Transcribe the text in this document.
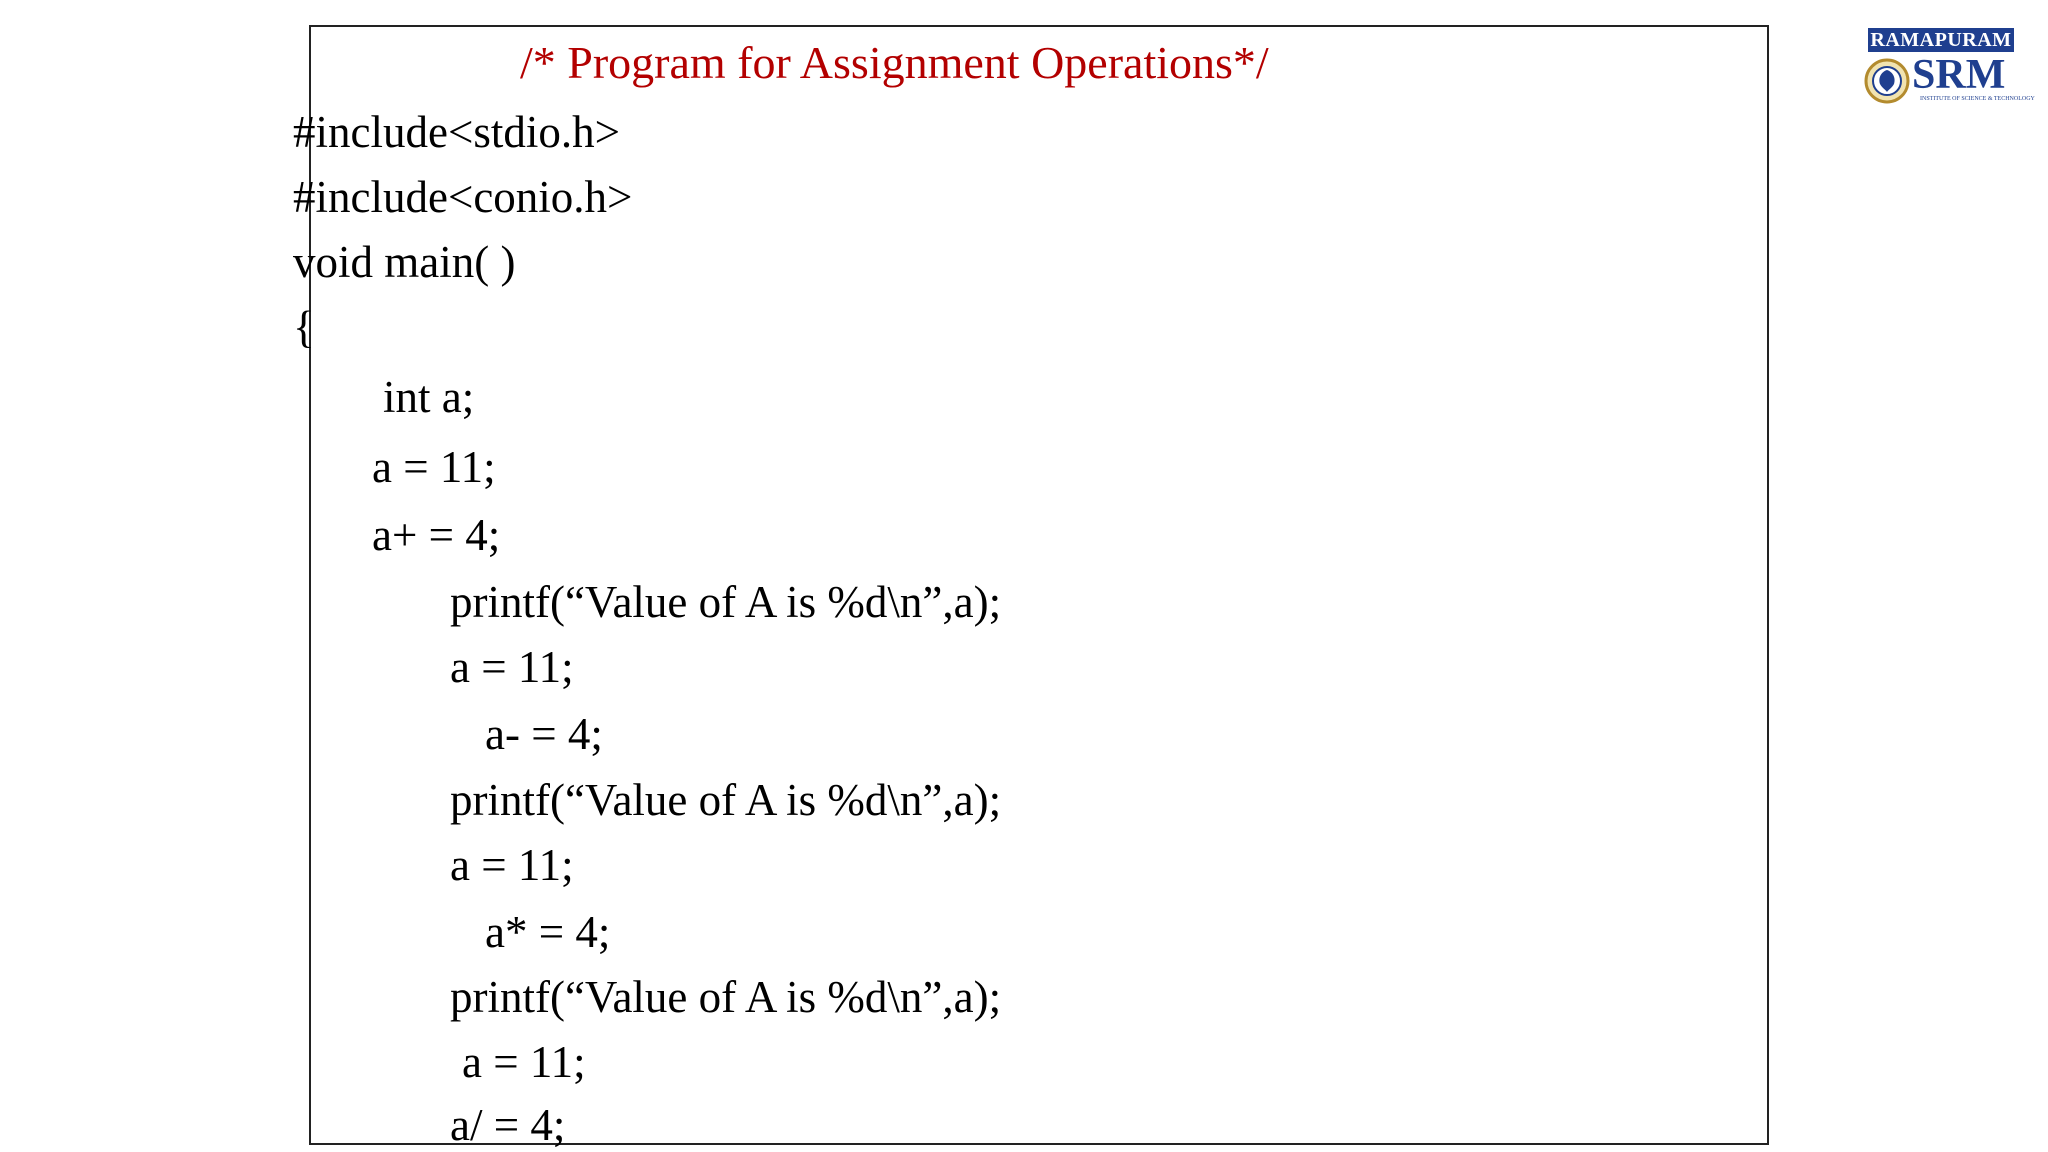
/* Program for Assignment Operations*/
#include<stdio.h>
#include<conio.h>
void main( )
{
int a;
a = 11;
a+ = 4;
printf(“Value of A is %d\n”,a);
a = 11;
a- = 4;
printf(“Value of A is %d\n”,a);
a = 11;
a* = 4;
printf(“Value of A is %d\n”,a);
a = 11;
a/ = 4;
RAMAPURAM
SRM
INSTITUTE OF SCIENCE & TECHNOLOGY
